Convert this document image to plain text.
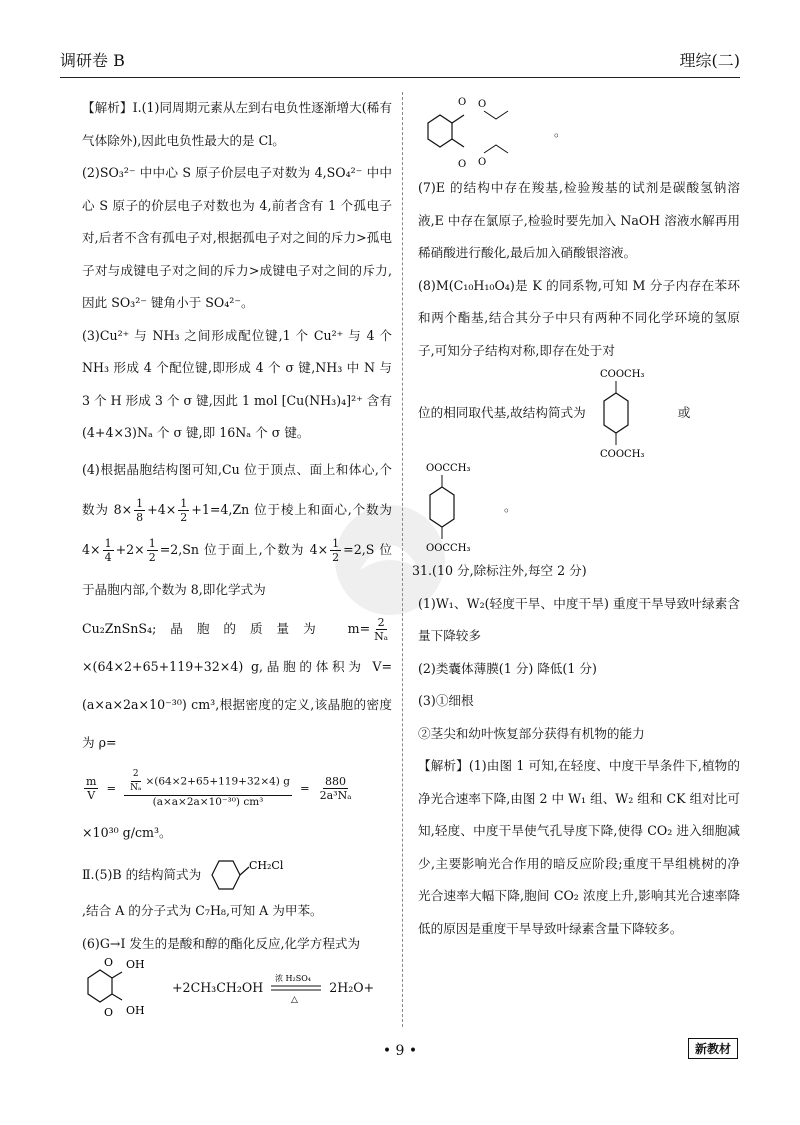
调研卷 B	理综(二)

【解析】Ⅰ.(1)同周期元素从左到右电负性逐渐增大(稀有气体除外),因此电负性最大的是 Cl。

(2)SO₃²⁻ 中中心 S 原子价层电子对数为 4,SO₄²⁻ 中中心 S 原子的价层电子对数也为 4,前者含有 1 个孤电子对,后者不含有孤电子对,根据孤电子对之间的斥力>孤电子对与成键电子对之间的斥力>成键电子对之间的斥力,因此 SO₃²⁻ 键角小于 SO₄²⁻。

(3)Cu²⁺ 与 NH₃ 之间形成配位键,1 个 Cu²⁺ 与 4 个 NH₃ 形成 4 个配位键,即形成 4 个 σ 键,NH₃ 中 N 与 3 个 H 形成 3 个 σ 键,因此 1 mol [Cu(NH₃)₄]²⁺ 含有(4+4×3)Nₐ 个 σ 键,即 16Nₐ 个 σ 键。

(4)根据晶胞结构图可知,Cu 位于顶点、面上和体心,个数为 $8\times \frac{1}{8} +4\times \frac{1}{2} +1=4,Zn$ 位于棱上和面心,个数为 $4\times \frac{1}{4} +2\times \frac{1}{2} =2,Sn$ 位于面上,个数为 $4\times \frac{1}{2} =2,S$ 位于晶胞内部,个数为 8,即化学式为

Cu₂ZnSnS₄;晶胞的质量为 $m= \frac{2}{\text{Nₐ}}$
×(64×2+65+119+32×4) g,晶胞的体积为 V=(a×a×2a×10⁻³⁰) cm³,根据密度的定义,该晶胞的密度为 ρ=

$\frac{m}{V} = \frac{\frac{2}{\text{Nₐ}} \times(64\times 2+65+119+32\times 4) g}{\text{(a×a×2a×10⁻³⁰) cm³}} = \frac{880}{\text{2a³Nₐ}}$

×10³⁰ g/cm³。

Ⅱ.(5)B 的结构简式为
CH₂Cl

,结合 A 的分子式为 C₇H₈,可知 A 为甲苯。

(6)G→I 发生的是酸和醇的酯化反应,化学方程式为

O OH
O OH
+2CH₃CH₂OH
浓 H₂SO₄
△
2H₂O+
O O
O O
。

(7)E 的结构中存在羧基,检验羧基的试剂是碳酸氢钠溶液,E 中存在氯原子,检验时要先加入 NaOH 溶液水解再用稀硝酸进行酸化,最后加入硝酸银溶液。

(8)M(C₁₀H₁₀O₄)是 K 的同系物,可知 M 分子内存在苯环和两个酯基,结合其分子中只有两种不同化学环境的氢原子,可知分子结构对称,即存在处于对

位的相同取代基,故结构简式为
COOCH₃
COOCH₃
或
OOCCH₃
OOCCH₃
。

31.(10 分,除标注外,每空 2 分)

(1)W₁、W₂(轻度干旱、中度干旱) 重度干旱导致叶绿素含量下降较多

(2)类囊体薄膜(1 分) 降低(1 分)

(3)①细根

②茎尖和幼叶恢复部分获得有机物的能力

【解析】(1)由图 1 可知,在轻度、中度干旱条件下,植物的净光合速率下降,由图 2 中 W₁ 组、W₂ 组和 CK 组对比可知,轻度、中度干旱使气孔导度下降,使得 CO₂ 进入细胞减少,主要影响光合作用的暗反应阶段;重度干旱组桃树的净光合速率大幅下降,胞间 CO₂ 浓度上升,影响其光合速率降低的原因是重度干旱导致叶绿素含量下降较多。

• 9 •	新教材
